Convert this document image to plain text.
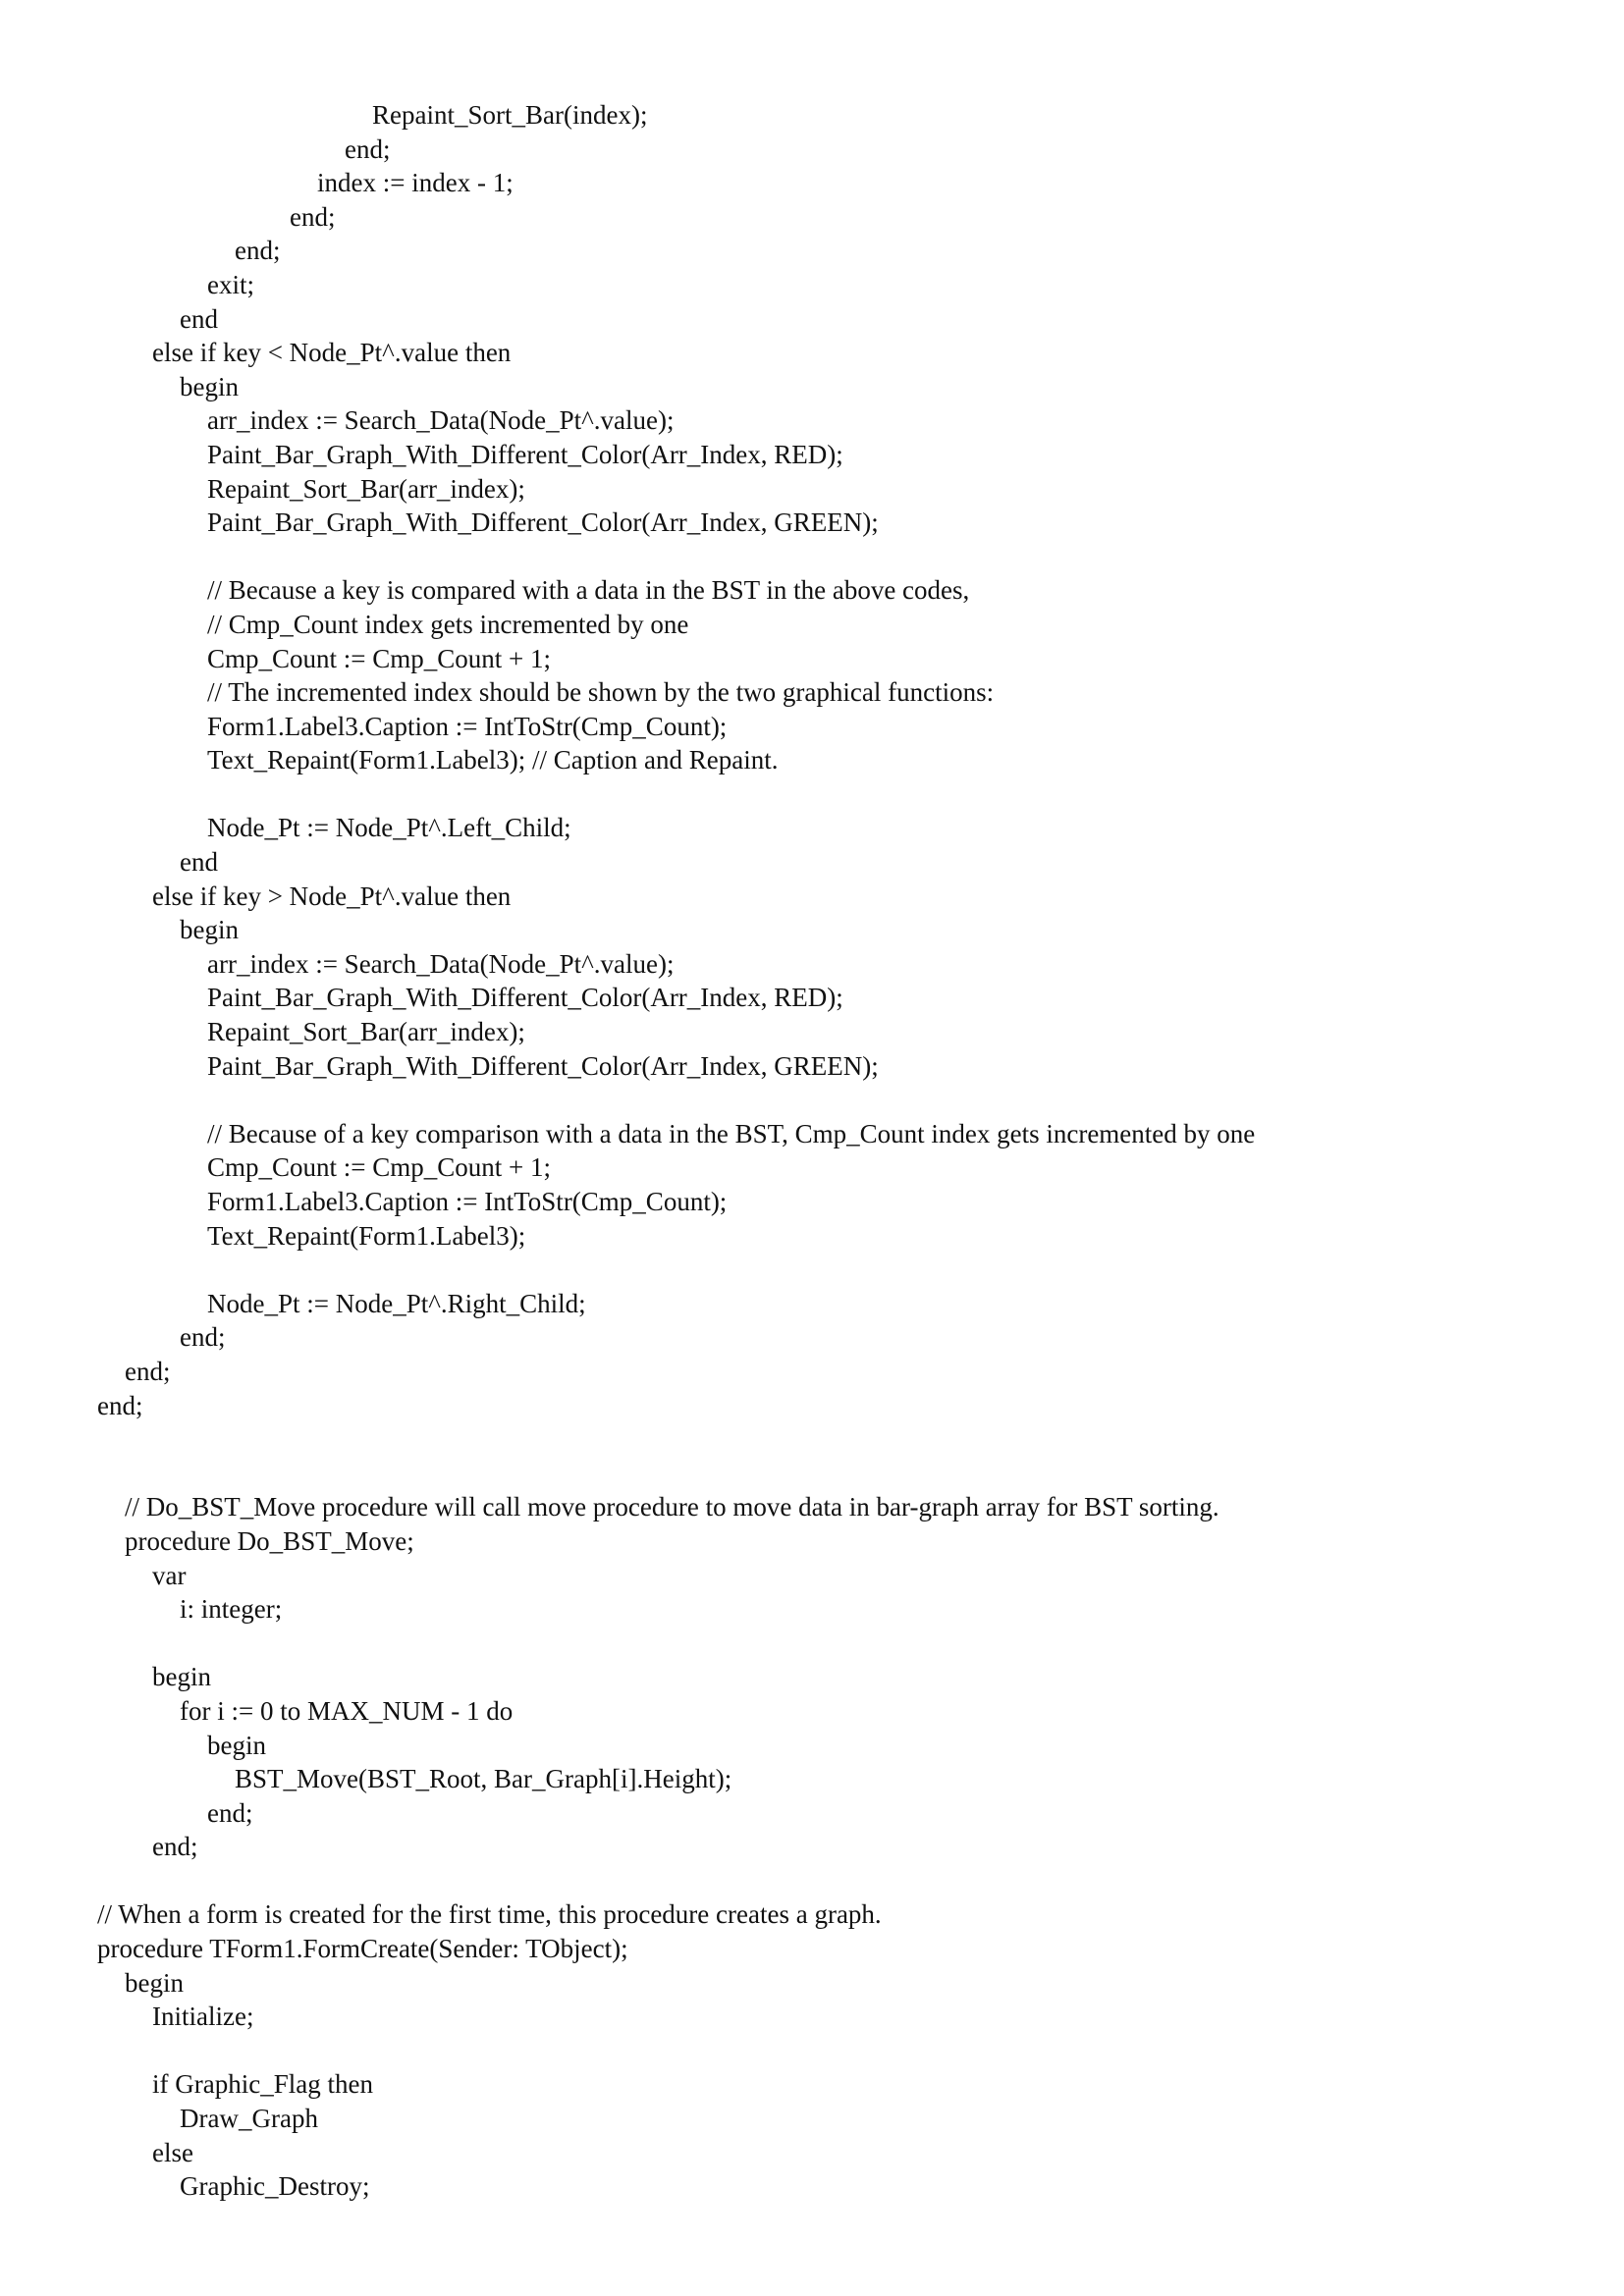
Repaint_Sort_Bar(index);
end;
index := index - 1;
end;
end;
exit;
end
else if key < Node_Pt^.value then
begin
arr_index := Search_Data(Node_Pt^.value);
Paint_Bar_Graph_With_Different_Color(Arr_Index, RED);
Repaint_Sort_Bar(arr_index);
Paint_Bar_Graph_With_Different_Color(Arr_Index, GREEN);
// Because a key is compared with a data in the BST in the above codes,
// Cmp_Count index gets incremented by one
Cmp_Count := Cmp_Count + 1;
// The incremented index should be shown by the two graphical functions:
Form1.Label3.Caption := IntToStr(Cmp_Count);
Text_Repaint(Form1.Label3); // Caption and Repaint.
Node_Pt := Node_Pt^.Left_Child;
end
else if key > Node_Pt^.value then
begin
arr_index := Search_Data(Node_Pt^.value);
Paint_Bar_Graph_With_Different_Color(Arr_Index, RED);
Repaint_Sort_Bar(arr_index);
Paint_Bar_Graph_With_Different_Color(Arr_Index, GREEN);
// Because of a key comparison with a data in the BST, Cmp_Count index gets incremented by one
Cmp_Count := Cmp_Count + 1;
Form1.Label3.Caption := IntToStr(Cmp_Count);
Text_Repaint(Form1.Label3);
Node_Pt := Node_Pt^.Right_Child;
end;
end;
end;
// Do_BST_Move procedure will call move procedure to move data in bar-graph array for BST sorting.
procedure Do_BST_Move;
var
i: integer;
begin
for i := 0 to MAX_NUM - 1 do
begin
BST_Move(BST_Root, Bar_Graph[i].Height);
end;
end;
// When a form is created for the first time, this procedure creates a graph.
procedure TForm1.FormCreate(Sender: TObject);
begin
Initialize;
if Graphic_Flag then
Draw_Graph
else
Graphic_Destroy;
